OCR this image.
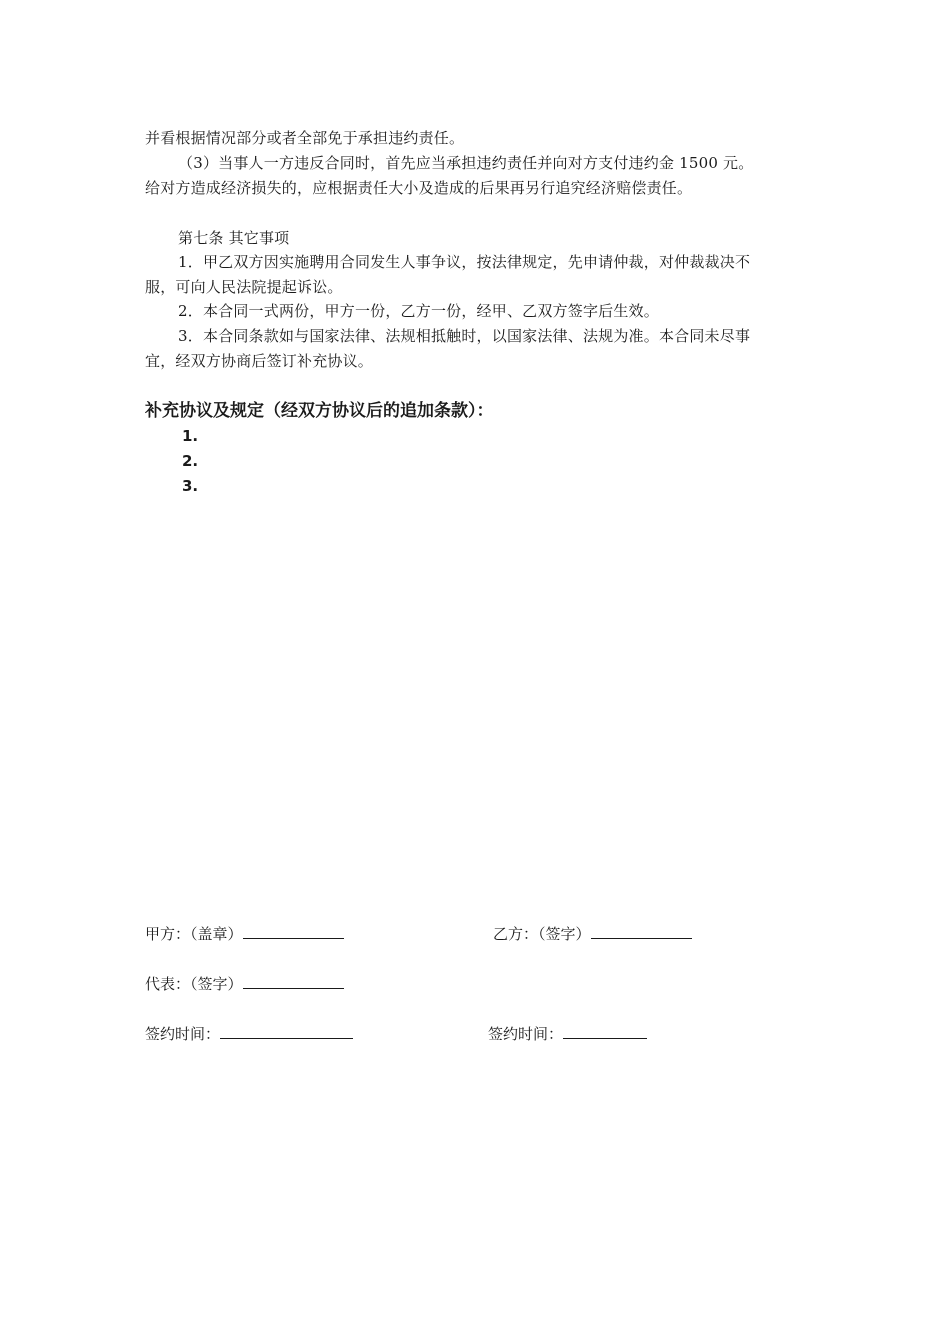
并看根据情况部分或者全部免于承担违约责任。
（3）当事人一方违反合同时，首先应当承担违约责任并向对方支付违约金 1500 元。
给对方造成经济损失的，应根据责任大小及造成的后果再另行追究经济赔偿责任。
第七条 其它事项
1．甲乙双方因实施聘用合同发生人事争议，按法律规定，先申请仲裁，对仲裁裁决不
服，可向人民法院提起诉讼。
2．本合同一式两份，甲方一份，乙方一份，经甲、乙双方签字后生效。
3．本合同条款如与国家法律、法规相抵触时，以国家法律、法规为准。本合同未尽事
宜，经双方协商后签订补充协议。
补充协议及规定（经双方协议后的追加条款）：
1.
2.
3.
甲方：（盖章）	乙方：（签字）
代表：（签字）
签约时间：	签约时间：
